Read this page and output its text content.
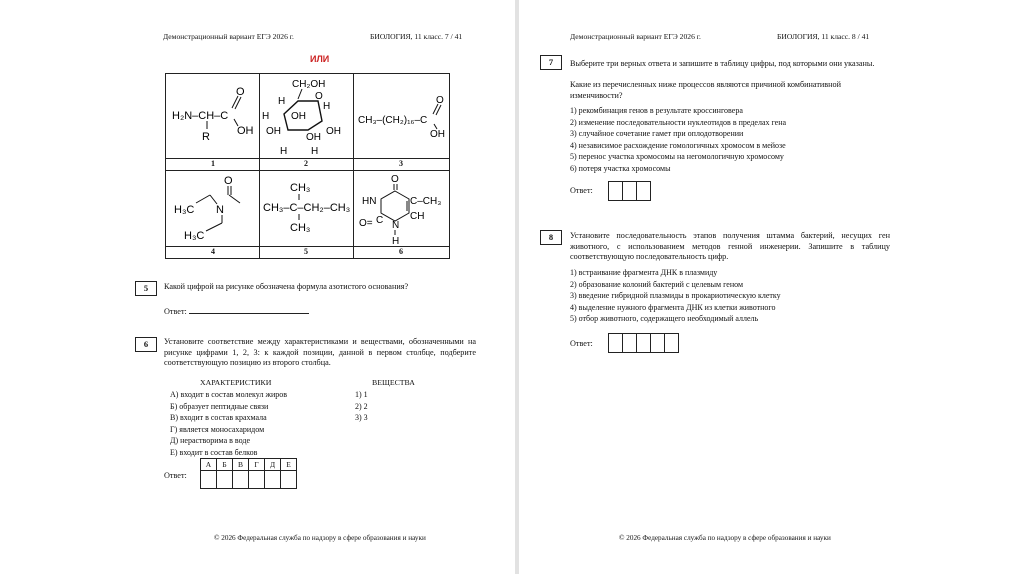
Демонстрационный вариант ЕГЭ 2026 г.	БИОЛОГИЯ, 11 класс. 7 / 41
ИЛИ
1	2	3
4	5	6
H₂N–CH–C
O
OH
R
CH₂OH
O
H	H
H OH
OH
OH
OH
H H
CH₃–(CH₂)₁₆–C
O
OH
O
N
H₃C
H₃C
CH₃
CH₃–C–CH₂–CH₃
CH₃
O
C–CH₃
HN
CH
O= C N
H
5	Какой цифрой на рисунке обозначена формула азотистого основания?
Ответ:
6	Установите соответствие между характеристиками и веществами, обозначенными на рисунке цифрами 1, 2, 3: к каждой позиции, данной в первом столбце, подберите соответствующую позицию из второго столбца.
ХАРАКТЕРИСТИКИ	ВЕЩЕСТВА
А) входит в состав молекул жиров
Б) образует пептидные связи
В) входит в состав крахмала
Г) является моносахаридом
Д) нерастворима в воде
Е) входит в состав белков
1) 1
2) 2
3) 3
Ответ:
А	Б	В	Г	Д	Е

© 2026 Федеральная служба по надзору в сфере образования и науки
Демонстрационный вариант ЕГЭ 2026 г.	БИОЛОГИЯ, 11 класс. 8 / 41
7	Выберите три верных ответа и запишите в таблицу цифры, под которыми они указаны.
Какие из перечисленных ниже процессов являются причиной комбинативной изменчивости?
1) рекомбинация генов в результате кроссинговера
2) изменение последовательности нуклеотидов в пределах гена
3) случайное сочетание гамет при оплодотворении
4) независимое расхождение гомологичных хромосом в мейозе
5) перенос участка хромосомы на негомологичную хромосому
6) потеря участка хромосомы
Ответ:
8	Установите последовательность этапов получения штамма бактерий, несущих ген животного, с использованием методов генной инженерии. Запишите в таблицу соответствующую последовательность цифр.
1) встраивание фрагмента ДНК в плазмиду
2) образование колоний бактерий с целевым геном
3) введение гибридной плазмиды в прокариотическую клетку
4) выделение нужного фрагмента ДНК из клетки животного
5) отбор животного, содержащего необходимый аллель
Ответ:
© 2026 Федеральная служба по надзору в сфере образования и науки
